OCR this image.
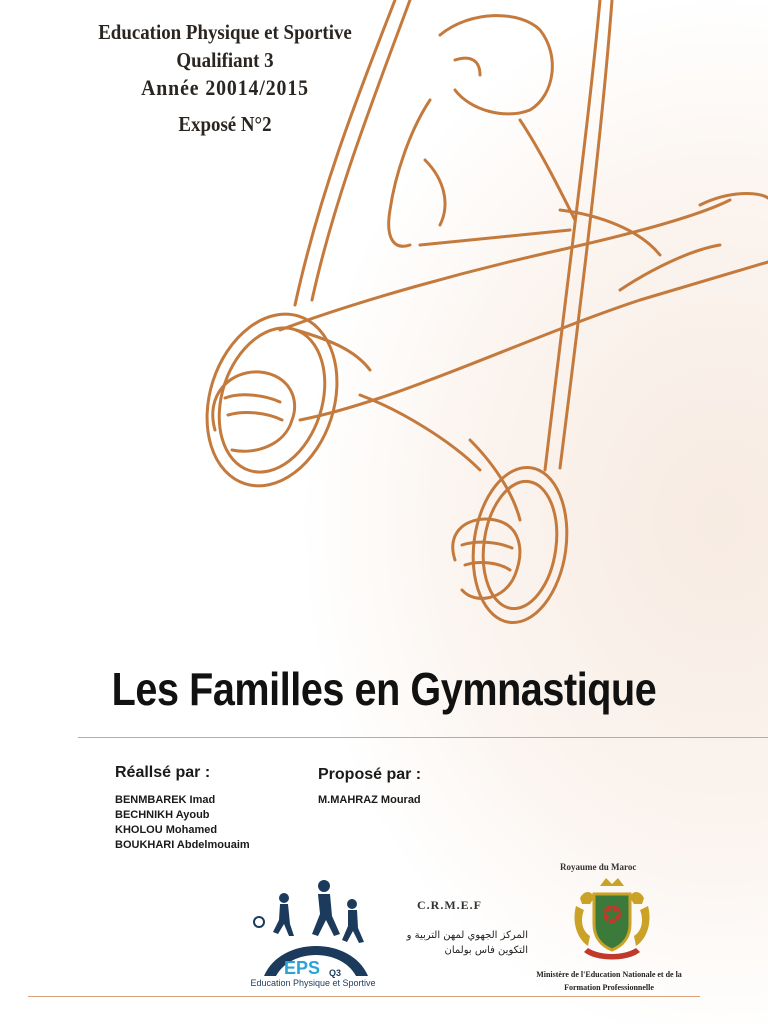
Education Physique et Sportive
Qualifiant 3
Année 20014/2015
Exposé N°2
Les Familles en Gymnastique
Réallsé par :
BENMBAREK Imad
BECHNIKH Ayoub
KHOLOU Mohamed
BOUKHARI Abdelmouaim
Proposé par :
M.MAHRAZ Mourad
EPS Q3
Education Physique et Sportive
C.R.M.E.F
المركز الجهوي لمهن التربية و
التكوين فاس بولمان
Royaume du Maroc
Ministère de l'Education Nationale et de la
Formation Professionnelle
